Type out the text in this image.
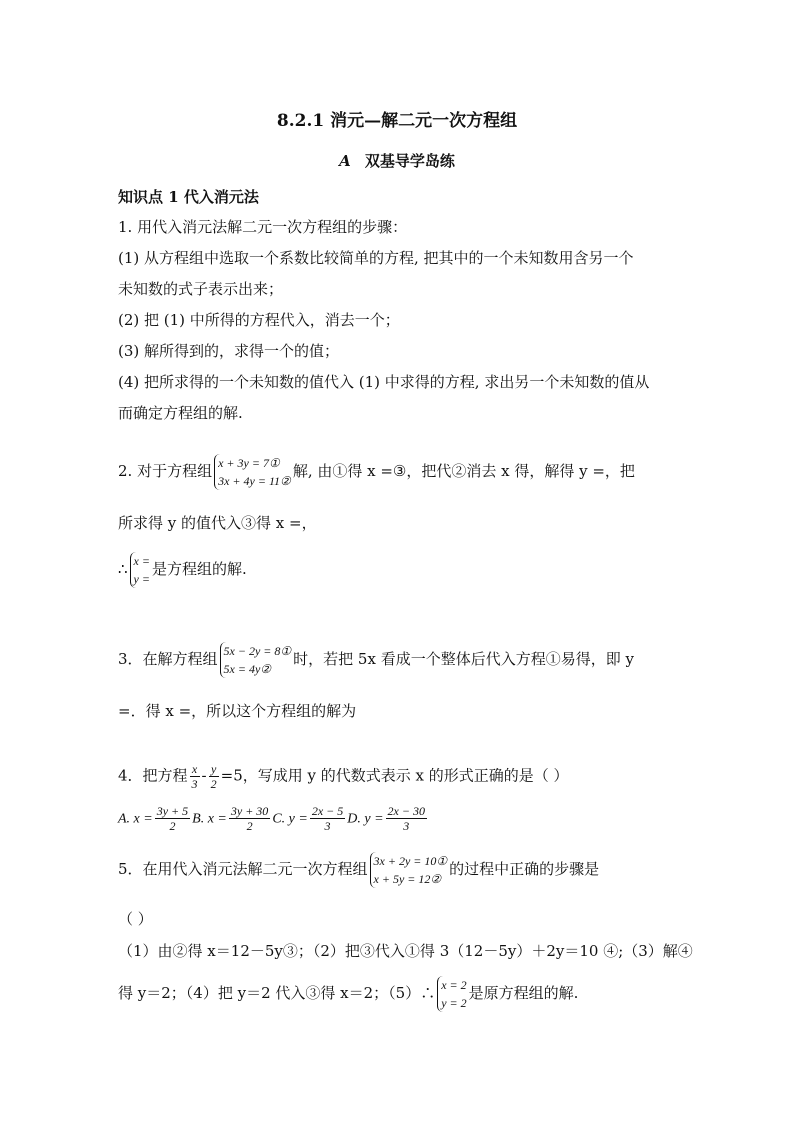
8.2.1 消元—解二元一次方程组
A 双基导学岛练
知识点 1 代入消元法
1. 用代入消元法解二元一次方程组的步骤：
(1) 从方程组中选取一个系数比较简单的方程, 把其中的一个未知数用含另一个
未知数的式子表示出来；
(2) 把 (1) 中所得的方程代入，消去一个；
(3) 解所得到的，求得一个的值；
(4) 把所求得的一个未知数的值代入 (1) 中求得的方程, 求出另一个未知数的值从
而确定方程组的解.
2. 对于方程组 x + 3y = 7①
3x + 4y = 11②
解, 由①得 x =③，把代②消去 x 得，解得 y =，把
所求得 y 的值代入③得 x =，
∴ x =
y =
是方程组的解.
3．在解方程组 5x − 2y = 8①
5x = 4y②
时，若把 5x 看成一个整体后代入方程①易得，即 y
=．得 x =，所以这个方程组的解为
4．把方程 $\frac{x}{3} - \frac{y}{2} =5$，写成用 y 的代数式表示 x 的形式正确的是（ ）
A. $x = \frac{3y + 5}{2} B$. $x = \frac{3y + 30}{2} C$. $y = \frac{2x - 5}{3} D$. $y = \frac{2x - 30}{3}$
5．在用代入消元法解二元一次方程组 3x + 2y = 10①
x + 5y = 12②
的过程中正确的步骤是
（ ）
（1）由②得 x＝12－5y③；（2）把③代入①得 3（12－5y）＋2y＝10 ④;（3）解④
得 y＝2；（4）把 y＝2 代入③得 x＝2；（5）∴ x = 2
y = 2
是原方程组的解.
